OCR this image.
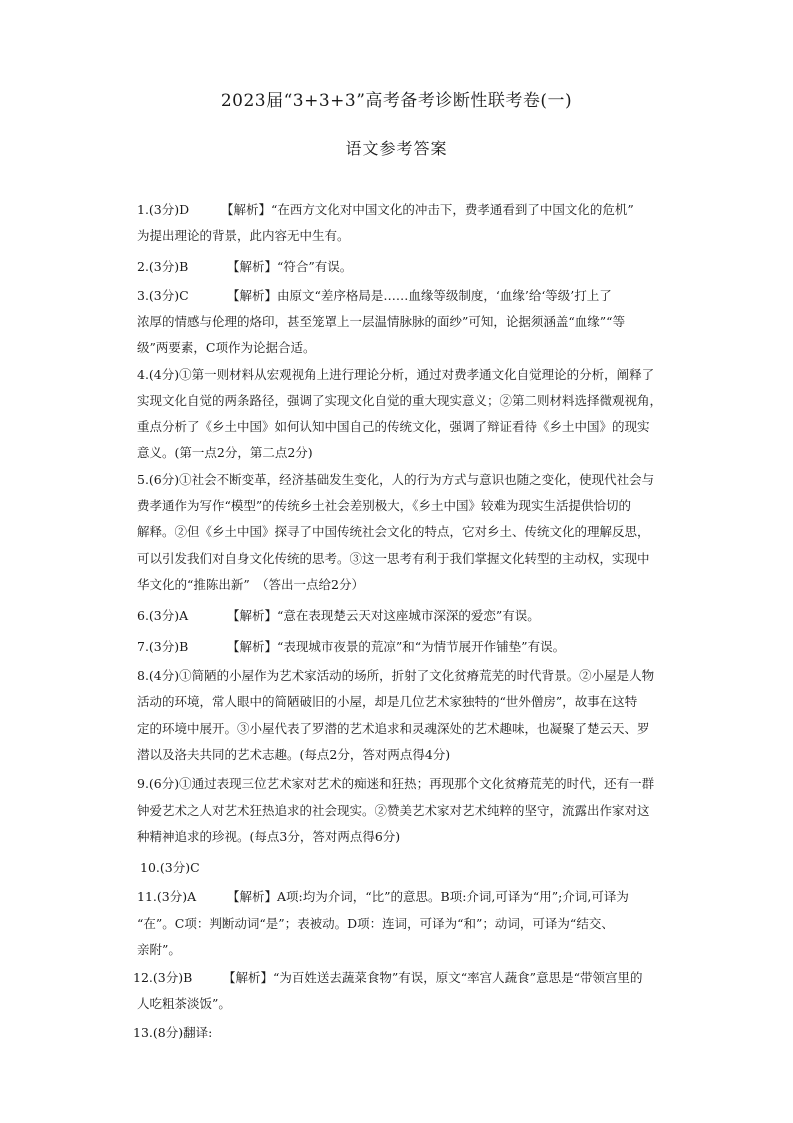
2023届“3+3+3”高考备考诊断性联考卷(一)
语文参考答案
1.(3分)D	【解析】“在西方文化对中国文化的冲击下，费孝通看到了中国文化的危机”
为提出理论的背景，此内容无中生有。
2.(3分)B	【解析】“符合”有误。
3.(3分)C	【解析】由原文“差序格局是……血缘等级制度，‘血缘’给‘等级’打上了
浓厚的情感与伦理的烙印，甚至笼罩上一层温情脉脉的面纱”可知，论据须涵盖“血缘”“等
级”两要素，C项作为论据合适。
4.(4分)①第一则材料从宏观视角上进行理论分析，通过对费孝通文化自觉理论的分析，阐释了
实现文化自觉的两条路径，强调了实现文化自觉的重大现实意义；②第二则材料选择微观视角，
重点分析了《乡土中国》如何认知中国自己的传统文化，强调了辩证看待《乡土中国》的现实
意义。(第一点2分，第二点2分)
5.(6分)①社会不断变革，经济基础发生变化，人的行为方式与意识也随之变化，使现代社会与
费孝通作为写作“模型”的传统乡土社会差别极大，《乡土中国》较难为现实生活提供恰切的
解释。②但《乡土中国》探寻了中国传统社会文化的特点，它对乡土、传统文化的理解反思，
可以引发我们对自身文化传统的思考。③这一思考有利于我们掌握文化转型的主动权，实现中
华文化的“推陈出新”　（答出一点给2分）
6.(3分)A	【解析】“意在表现楚云天对这座城市深深的爱恋”有误。
7.(3分)B	【解析】“表现城市夜景的荒凉”和“为情节展开作铺垫”有误。
8.(4分)①简陋的小屋作为艺术家活动的场所，折射了文化贫瘠荒芜的时代背景。②小屋是人物
活动的环境，常人眼中的简陋破旧的小屋，却是几位艺术家独特的“世外僧房”，故事在这特
定的环境中展开。③小屋代表了罗潜的艺术追求和灵魂深处的艺术趣味，也凝聚了楚云天、罗
潜以及洛夫共同的艺术志趣。(每点2分，答对两点得4分)
9.(6分)①通过表现三位艺术家对艺术的痴迷和狂热；再现那个文化贫瘠荒芜的时代，还有一群
钟爱艺术之人对艺术狂热追求的社会现实。②赞美艺术家对艺术纯粹的坚守，流露出作家对这
种精神追求的珍视。(每点3分，答对两点得6分)
10.(3分)C
11.(3分)A 【解析】A项:均为介词，“比”的意思。B项:介词,可译为“用”;介词,可译为
“在”。C项：判断动词“是”；表被动。D项：连词，可译为“和”；动词，可译为“结交、
亲附”。
12.(3分)B 【解析】“为百姓送去蔬菜食物”有误，原文“率宫人蔬食”意思是“带领宫里的
人吃粗茶淡饭”。
13.(8分)翻译:
